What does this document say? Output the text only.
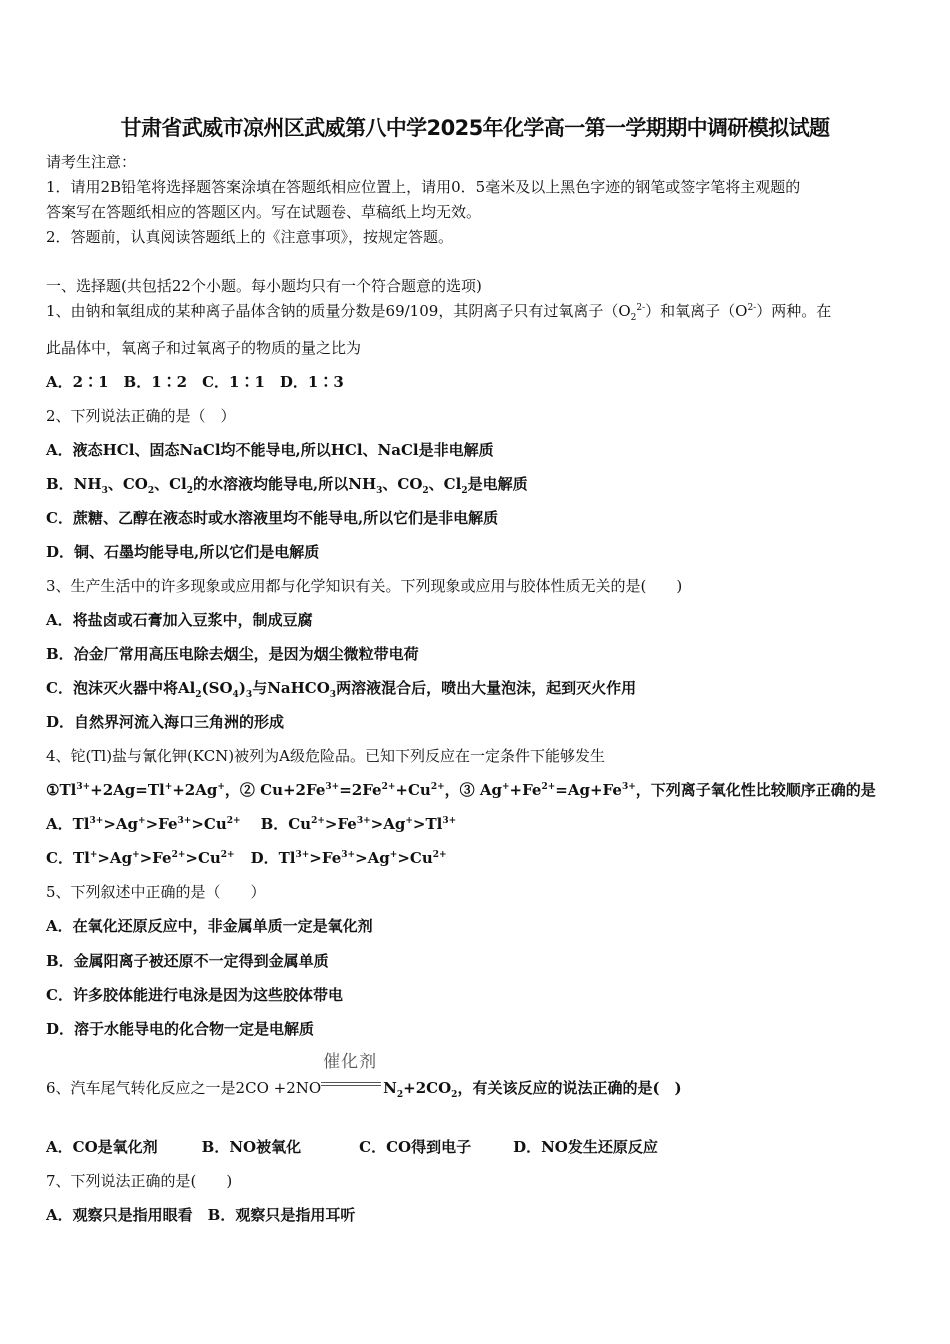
甘肃省武威市凉州区武威第八中学2025年化学高一第一学期期中调研模拟试题
请考生注意：
1．请用2B铅笔将选择题答案涂填在答题纸相应位置上，请用0．5毫米及以上黑色字迹的钢笔或签字笔将主观题的
答案写在答题纸相应的答题区内。写在试题卷、草稿纸上均无效。
2．答题前，认真阅读答题纸上的《注意事项》，按规定答题。
一、选择题(共包括22个小题。每小题均只有一个符合题意的选项)
1、由钠和氧组成的某种离子晶体含钠的质量分数是69/109，其阴离子只有过氧离子$(O_2^{2-})$和氧离子$(O^{2-})$两种。在
此晶体中，氧离子和过氧离子的物质的量之比为
A．2∶1　B．1∶2　C．1∶1　D．1∶3
2、下列说法正确的是（　）
A．液态HCl、固态NaCl均不能导电,所以HCl、NaCl是非电解质
B．$NH_3$、$CO_2$、$Cl_2$的水溶液均能导电,所以$NH_3$、$CO_2$、$Cl_2$是电解质
C．蔗糖、乙醇在液态时或水溶液里均不能导电,所以它们是非电解质
D．铜、石墨均能导电,所以它们是电解质
3、生产生活中的许多现象或应用都与化学知识有关。下列现象或应用与胶体性质无关的是(　　)
A．将盐卤或石膏加入豆浆中，制成豆腐
B．冶金厂常用高压电除去烟尘，是因为烟尘微粒带电荷
C．泡沫灭火器中将$Al_2(SO_4)_3$与NaHCO$_3$两溶液混合后，喷出大量泡沫，起到灭火作用
D．自然界河流入海口三角洲的形成
4、铊(Tl)盐与氰化钾(KCN)被列为A级危险品。已知下列反应在一定条件下能够发生
$①Tl^{3+}+2Ag=Tl^++2Ag^+$，② $Cu+2Fe^{3+}=2Fe^{2+}+Cu^{2+}$，③ $Ag^++Fe^{2+}=Ag+Fe^{3+}$，下列离子氧化性比较顺序正确的是
A．$Tl^{3+}>Ag^+>Fe^{3+}>Cu^{2+}$ B．$Cu^{2+}>Fe^{3+}>Ag^+>Tl^{3+}$
C．$Tl^+>Ag^+>Fe^{2+}>Cu^{2+}$ D．$Tl^{3+}>Fe^{3+}>Ag^+>Cu^{2+}$
5、下列叙述中正确的是（　　）
A．在氧化还原反应中，非金属单质一定是氧化剂
B．金属阳离子被还原不一定得到金属单质
C．许多胶体能进行电泳是因为这些胶体带电
D．溶于水能导电的化合物一定是电解质
6、汽车尾气转化反应之一是2CO +2NO
催化剂
$N_2+2CO_2$，有关该反应的说法正确的是(　)
A．CO是氧化剂	B．NO被氧化	C．CO得到电子	D．NO发生还原反应
7、下列说法正确的是(　　)
A．观察只是指用眼看　B．观察只是指用耳听
